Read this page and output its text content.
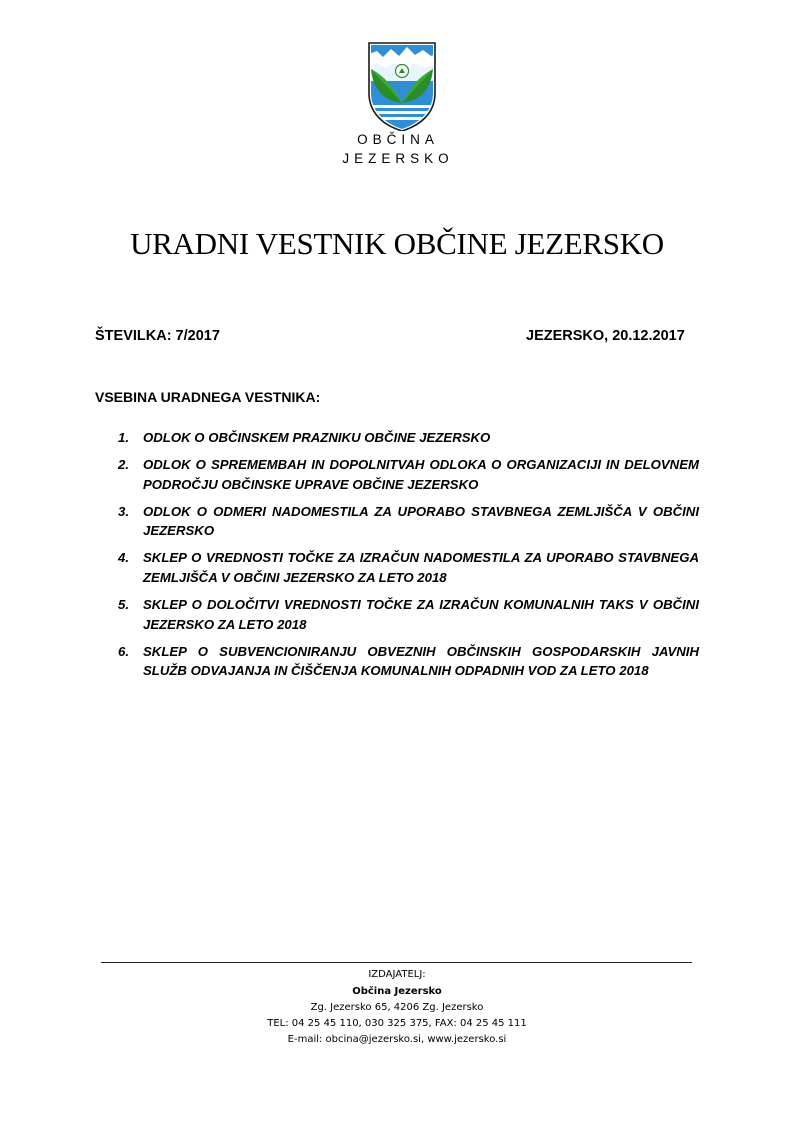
OBČINA
JEZERSKO
URADNI VESTNIK OBČINE JEZERSKO
ŠTEVILKA: 7/2017	JEZERSKO, 20.12.2017
VSEBINA URADNEGA VESTNIKA:
1. ODLOK O OBČINSKEM PRAZNIKU OBČINE JEZERSKO
2. ODLOK O SPREMEMBAH IN DOPOLNITVAH ODLOKA O ORGANIZACIJI IN DELOVNEM PODROČJU OBČINSKE UPRAVE OBČINE JEZERSKO
3. ODLOK O ODMERI NADOMESTILA ZA UPORABO STAVBNEGA ZEMLJIŠČA V OBČINI JEZERSKO
4. SKLEP O VREDNOSTI TOČKE ZA IZRAČUN NADOMESTILA ZA UPORABO STAVBNEGA ZEMLJIŠČA V OBČINI JEZERSKO ZA LETO 2018
5. SKLEP O DOLOČITVI VREDNOSTI TOČKE ZA IZRAČUN KOMUNALNIH TAKS V OBČINI JEZERSKO ZA LETO 2018
6. SKLEP O SUBVENCIONIRANJU OBVEZNIH OBČINSKIH GOSPODARSKIH JAVNIH SLUŽB ODVAJANJA IN ČIŠČENJA KOMUNALNIH ODPADNIH VOD ZA LETO 2018
IZDAJATELJ:
Občina Jezersko
Zg. Jezersko 65, 4206 Zg. Jezersko
TEL: 04 25 45 110, 030 325 375, FAX: 04 25 45 111
E-mail: obcina@jezersko.si, www.jezersko.si
